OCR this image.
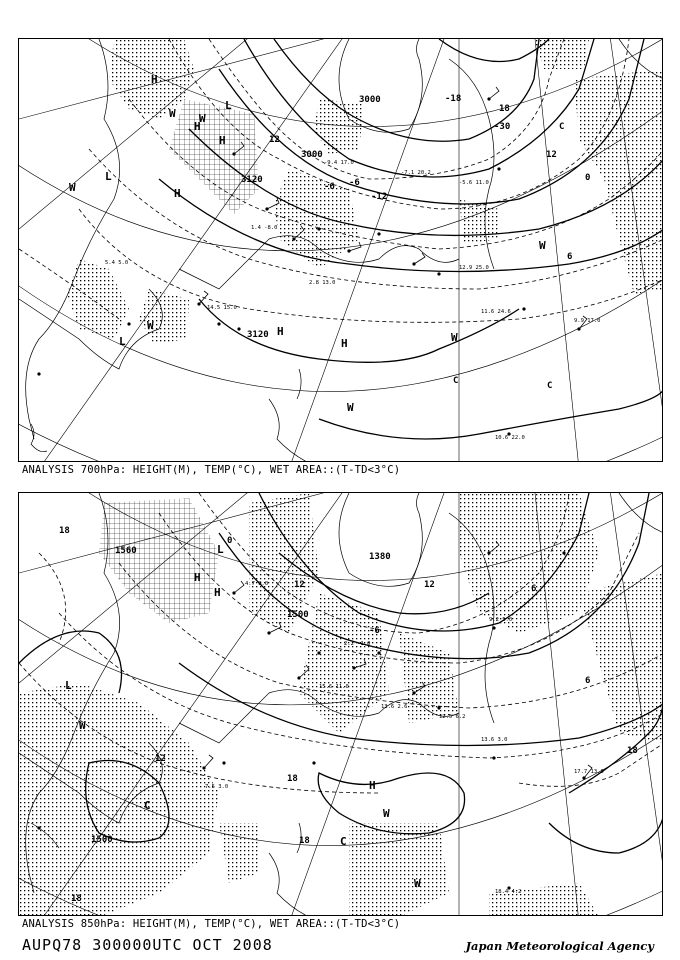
5.4 5.0
14.5 15.0
11.6 24.6
9.9 17.0
10.6 22.0
-9.4 17.0
-7.1 20.2
-5.6 11.0
1.4 -8.0
2.8 13.0
12.9 25.0
3000
3000
3120
3120
18
12
0
-6 -6
-12
-18
-30
6
12
C
C	C
H
H
H
H
H
H
L
L
L
W
W
W
W
W
W
W
ANALYSIS 700hPa: HEIGHT(M), TEMP(°C), WET AREA::(T-TD<3°C)
13.6 3.0
17.7 13.0
18.4 4.2
9.2 5.0
4.7 8.0
2.2 -1.0
15.6 11.0
13.6 2.6
12.5 6.2
7.5 3.0
1500
1500
1380
1560
18
18
18
18
18
12
12
12
6
6
0
-6
H
H
H
L
L
C
C
W
W
W
ANALYSIS 850hPa: HEIGHT(M), TEMP(°C), WET AREA::(T-TD<3°C)
AUPQ78 300000UTC OCT 2008	Japan Meteorological Agency
